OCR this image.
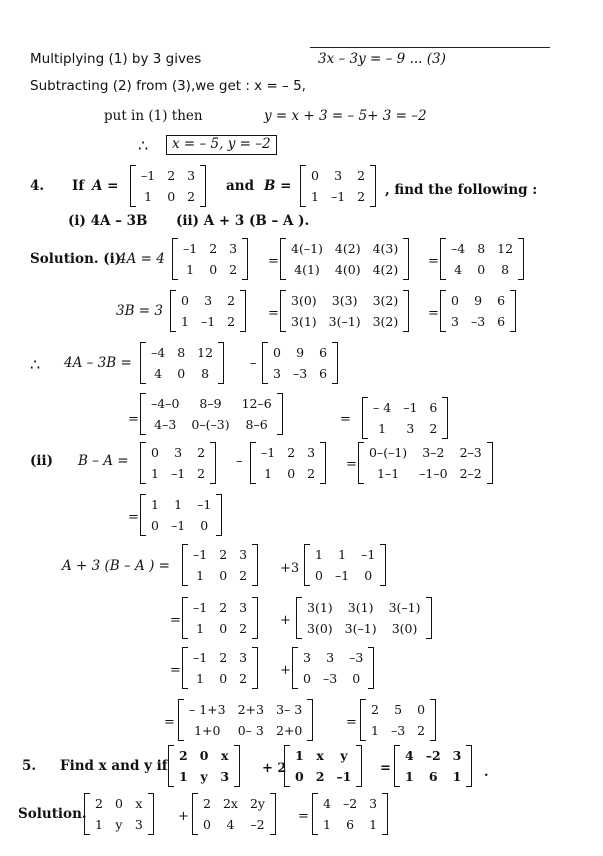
Multiplying (1) by 3 gives	3x – 3y = – 9 ... (3)
Subtracting (2) from (3),we get : x = – 5,
put in (1) then	y = x + 3 = – 5+ 3 = –2
∴	x = – 5, y = –2
4. If A =
–1	2	3
1	0	2
and B =
0	3	2
1	–1	2 , find the following :
(i) 4A – 3B (ii) A + 3 (B – A ).
Solution. (i)
4A = 4
–1	2	3
1	0	2
=
4(–1)	4(2)	4(3)
4(1)	4(0)	4(2)
=
–4	8	12
4	0	8
3B = 3
0	3	2
1	–1	2
=
3(0)	3(3)	3(2)
3(1)	3(–1)	3(2)
=
0	9	6
3	–3	6
∴ 4A – 3B =
–4	8	12
4	0	8
–
0	9	6
3	–3	6
=
–4–0	8–9	12–6
4–3	0–(–3)	8–6	=
– 4	–1	6
1	3	2
(ii) B – A =
0	3	2
1	–1	2
–
–1	2	3
1	0	2
=
0–(–1)	3–2	2–3
1–1	–1–0	2–2
=
1	1	–1
0	–1	0
A + 3 (B – A ) =
–1	2	3
1	0	2	+3
1	1	–1
0	–1	0
=
–1	2	3
1	0	2
+
3(1)	3(1)	3(–1)
3(0)	3(–1)	3(0)
=
–1	2	3
1	0	2
+
3	3	–3
0	–3	0
=
– 1+3	2+3	3– 3
1+0	0– 3	2+0
=
2	5	0
1	–3	2
5. Find x and y if
2	0	x
1	y	3
+ 2
1	x	y
0	2	–1
=
4	–2	3
1	6	1 .
Solution.
2	0	x
1	y	3
+
2	2x	2y
0	4	–2
=
4	–2	3
1	6	1
